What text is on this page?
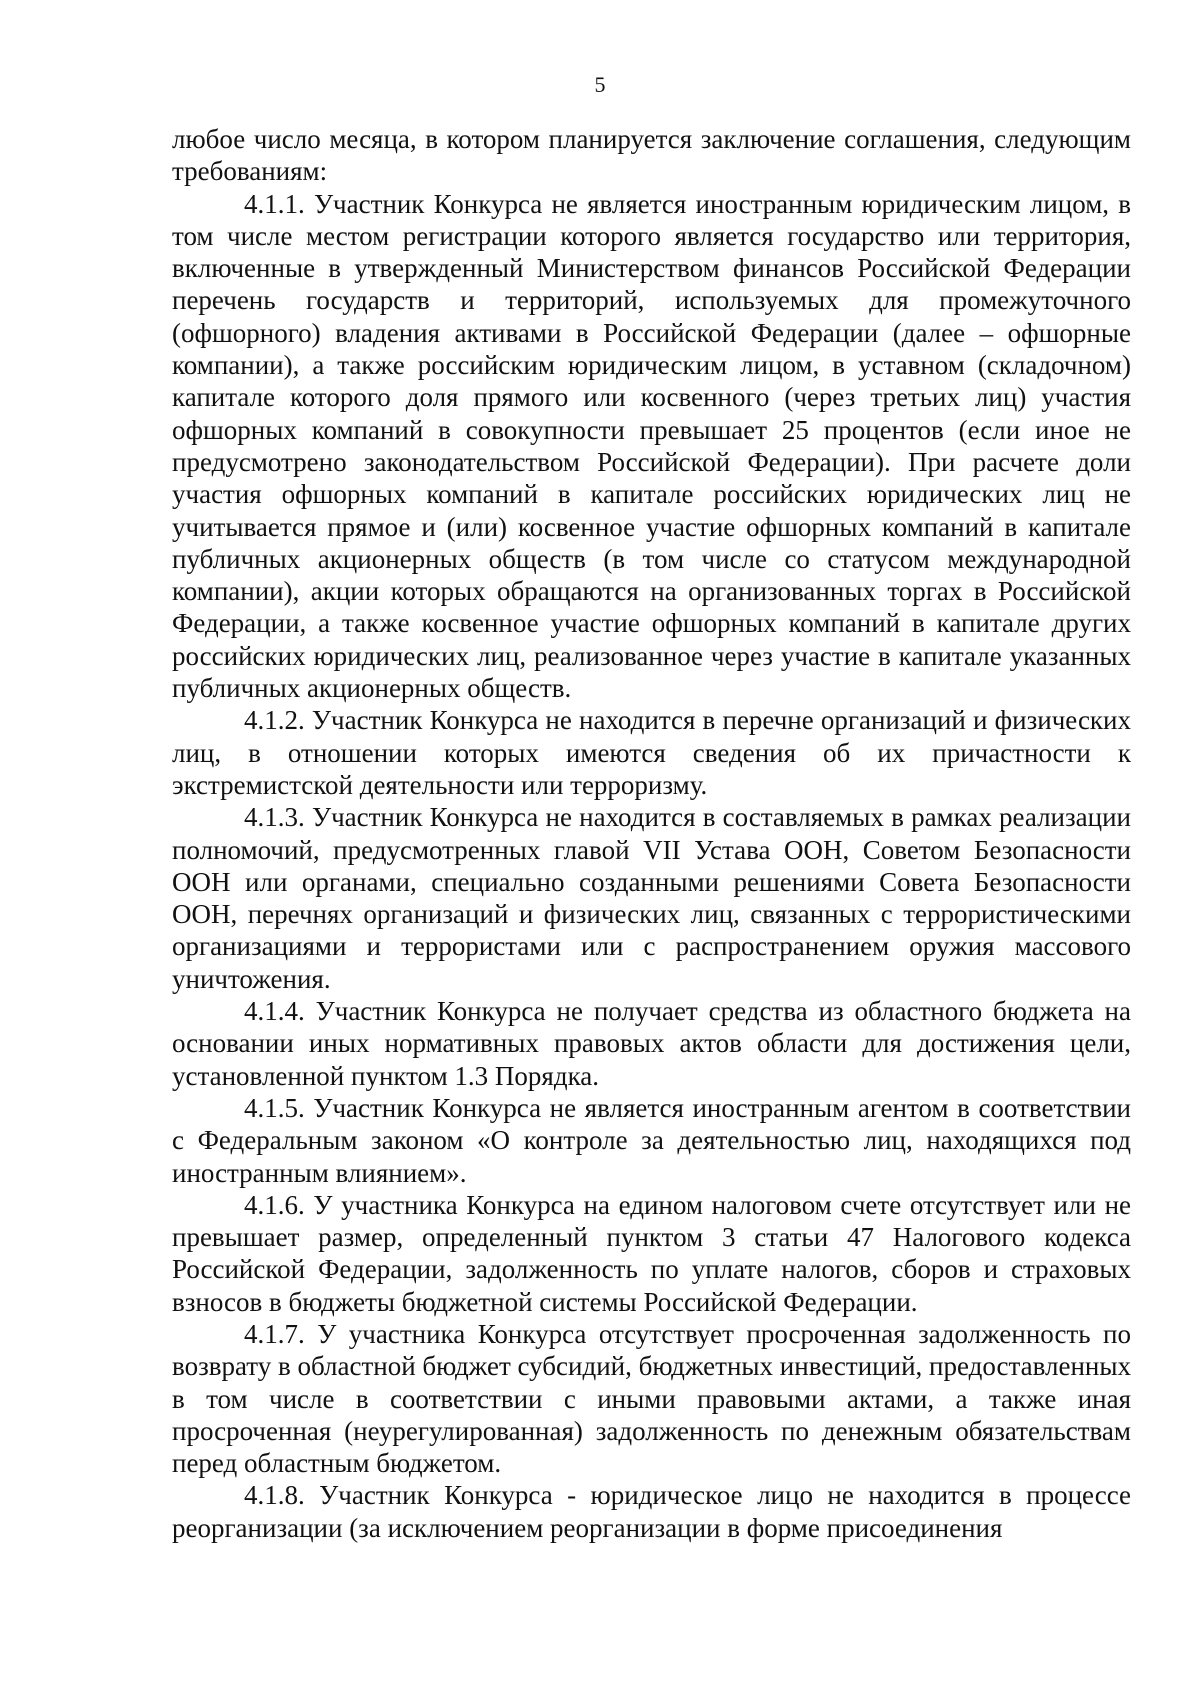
5

любое число месяца, в котором планируется заключение соглашения, следующим требованиям:

4.1.1. Участник Конкурса не является иностранным юридическим лицом, в том числе местом регистрации которого является государство или территория, включенные в утвержденный Министерством финансов Российской Федерации перечень государств и территорий, используемых для промежуточного (офшорного) владения активами в Российской Федерации (далее – офшорные компании), а также российским юридическим лицом, в уставном (складочном) капитале которого доля прямого или косвенного (через третьих лиц) участия офшорных компаний в совокупности превышает 25 процентов (если иное не предусмотрено законодательством Российской Федерации). При расчете доли участия офшорных компаний в капитале российских юридических лиц не учитывается прямое и (или) косвенное участие офшорных компаний в капитале публичных акционерных обществ (в том числе со статусом международной компании), акции которых обращаются на организованных торгах в Российской Федерации, а также косвенное участие офшорных компаний в капитале других российских юридических лиц, реализованное через участие в капитале указанных публичных акционерных обществ.

4.1.2. Участник Конкурса не находится в перечне организаций и физических лиц, в отношении которых имеются сведения об их причастности к экстремистской деятельности или терроризму.

4.1.3. Участник Конкурса не находится в составляемых в рамках реализации полномочий, предусмотренных главой VII Устава ООН, Советом Безопасности ООН или органами, специально созданными решениями Совета Безопасности ООН, перечнях организаций и физических лиц, связанных с террористическими организациями и террористами или с распространением оружия массового уничтожения.

4.1.4. Участник Конкурса не получает средства из областного бюджета на основании иных нормативных правовых актов области для достижения цели, установленной пунктом 1.3 Порядка.

4.1.5. Участник Конкурса не является иностранным агентом в соответствии с Федеральным законом «О контроле за деятельностью лиц, находящихся под иностранным влиянием».

4.1.6. У участника Конкурса на едином налоговом счете отсутствует или не превышает размер, определенный пунктом 3 статьи 47 Налогового кодекса Российской Федерации, задолженность по уплате налогов, сборов и страховых взносов в бюджеты бюджетной системы Российской Федерации.

4.1.7. У участника Конкурса отсутствует просроченная задолженность по возврату в областной бюджет субсидий, бюджетных инвестиций, предоставленных в том числе в соответствии с иными правовыми актами, а также иная просроченная (неурегулированная) задолженность по денежным обязательствам перед областным бюджетом.

4.1.8. Участник Конкурса - юридическое лицо не находится в процессе реорганизации (за исключением реорганизации в форме присоединения
